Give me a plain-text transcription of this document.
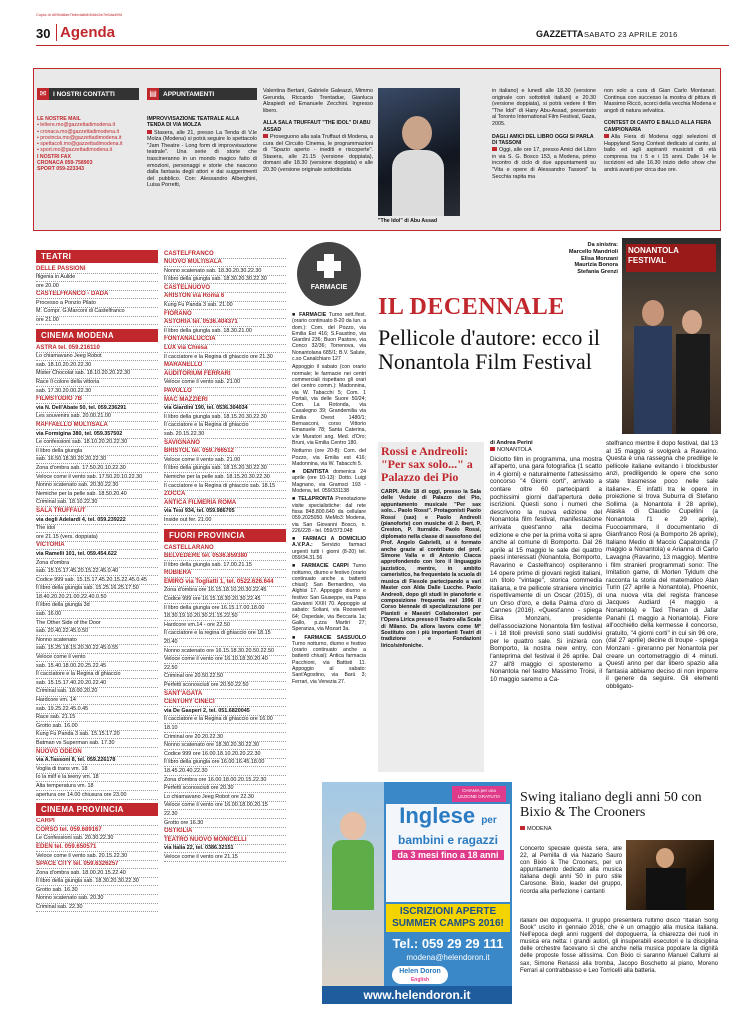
Copia di d09bd8ae7bdeda6db54dd4e7e6da49fd
30 Agenda	GAZZETTA SABATO 23 APRILE 2016
✉	I NOSTRI CONTATTI
LE NOSTRE MAIL
▪ lettere.mo@gazzettadimodena.it
▪ cronaca.mo@gazzettadimodena.it
▪ provincia.mo@gazzettadimodena.it
▪ spettacoli.mo@gazzettadimodena.it
▪ sport.mo@gazzettadimodena.it
I NOSTRI FAX
CRONACA 059-758903
SPORT 059-223343
▤ APPUNTAMENTI
IMPROVVISAZIONE TEATRALE ALLA TENDA DI VIA MOLZA
Stasera, alle 21, presso La Tenda di V.le Molza (Modena) si potrà seguire lo spettacolo "Jam Theatre - Long form di improvvisazione teatrale". Una serie di storie che trascineranno in un mondo magico fatto di emozioni, personaggi e storie che nascono dalla fantasia degli attori e dai suggerimenti del pubblico. Con: Alessandro Alberghini, Luisa Porretti,
Valentina Bertani, Gabriele Galeazzi, Mimmo Gerunda, Riccardo Trentadue, Gianluca Alzapiedi ed Emanuele Zecchini. Ingresso libero.
ALLA SALA TRUFFAUT "THE IDOL" DI ABU ASSAD
Proseguono alla sala Truffaut di Modena, a cura del Circuito Cinema, le programmazioni di "Spazio aperto - inediti e riscoperte". Stasera, alle 21.15 (versione doppiata), domani alle 18.30 (versione doppiata) e alle 20.30 (versione originale sottotitolata
"The Idol" di Abu Assad
in italiano) e lunedì alle 18.30 (versione originale con sottotitoli italiani) e 20.30 (versione doppiata), si potrà vedere il film "The Idol" di Hany Abu-Assad, presentato al Toronto International Film Festival, Gaza, 2005.
DAGLI AMICI DEL LIBRO OGGI SI PARLA DI TASSONI
Oggi, alle ore 17, presso Amici del Libro in via S. G. Bosco 153, a Modena, primo incontro di ciclo di due appuntamenti su "Vita e opere di Alessandro Tassoni" la Secchia rapita ma
non solo a cura di Gian Carlo Montanari. Continua con successo la mostra di pittura di Massimo Riccò, scorci della vecchia Modena e angoli di natura selvatica.
CONTEST DI CANTO E BALLO ALLA FIERA CAMPIONARIA
Alla Fiera di Modena oggi selezioni di Happyland Song Contest dedicato al canto, al ballo ed agli aspiranti musicisti di età compresa tra i 5 e i 15 anni. Dalle 14 le iscrizioni ed alle 16.30 inizio dello show che andrà avanti per circa due ore.
TEATRI
DELLE PASSIONI
Ifigenia in Aulide
ore 20.00
CASTELFRANCO - DADÀ
Processo a Ponzio Pilato
M. Compr. G.Marconi di Castelfranco
ore 21.00
CINEMA MODENA
ASTRA tel. 059.216110
Lo chiamavano Jeeg Robot
sab. 18.10.20.20.22.30
Mister Chocolat sab. 18.10.20.20.22.30
Race Il colore della vittoria
sab. 17.30.20.00.22.30
FILMSTUDIO 7B
via N. Dell'Abate 50, tel. 059.236291
Les souvenirs sab. 20.00.21.00
RAFFAELLO MULTISALA
via Formigina 380, tel. 059.357502
Le confessioni sab. 18.10.20.20.22.30
Il libro della giungla
sab. 16.50.18.30.20.20.22.30
Zona d'ombra sab. 17.50.20.10.22.30
Veloce come il vento sab. 17.50.20.10.22.30
Nonno scatenato sab. 20.30.22.30
Nemiche per la pelle sab. 18.50.20.40
Criminal sab. 18.10.22.30
SALA TRUFFAUT
via degli Adelardi 4, tel. 059.239222
The idol
ore 21.15 (vers. doppiata)
VICTORIA
via Ramelli 101, tel. 059.454.622
Zona d'ombra
sab. 15.15.17.45.20.15.22.45.0.40
Codice 999 sab. 15.15.17.45.20.15.22.45.0.45
Il libro della giungla sab. 15.25.16.25.17.50
18.40.20.20.21.00.22.40.0.50
Il libro della giungla 3d
sab. 16.00
The Other Side of the Door
sab. 20.40.22.45.0.50
Nonno scatenato
sab. 15.25.18.15.20.30.22.45.0.55
Veloce come il vento
sab. 15.40.18.00.20.25.22.45
Il cacciatore e la Regina di ghiaccio
sab. 15.15.17.40.20.20.22.40
Criminal sab. 18.00.20.20
Hardcore vm. 14
sab. 19.25.22.45.0.45
Race sab. 21.15
Grotto sab. 16.00
Kung Fu Panda 3 sab. 15.15.17.20
Batman vs Superman sab. 17.30
NUOVO ODEON
via A.Tassoni 8, tel. 059.226178
Voglia di trans vm. 18
Io la milf e la teeny vm. 18
Alta temperatura vm. 18
apertura ore 14.00 chiusura ore 23.00
CINEMA PROVINCIA
CARPI
CORSO tel. 059.689167
Le Confessioni sab. 20.30.22.30
EDEN tel. 059.650571
Veloce come il vento sab. 20.15.22.30
SPACE CITY tel. 059.6326257
Zona d'ombra sab. 18.00.20.15.22.40
Il libro della giungla sab. 18.30.20.30.22.30
Grotto sab. 16.30
Nonno scatenato sab. 20.30
Criminal sab. 22.30
CASTELFRANCO
NUOVO MULTISALA
Nonno scatenato sab. 18.30.20.30.22.30
Il libro della giungla sab. 18.30.20.30.22.30
CASTELNUOVO
ARISTON via Roma 6
Kung Fu Panda 3 sab. 21.00
FIORANO
ASTORIA tel. 0536.404371
Il libro della giungla sab. 18.30.21.00
FONTANALUCCIA
LUX via Chiesa
Il cacciatore e la Regina di ghiaccio ore 21.30
MARANELLO
AUDITORIUM FERRARI
Veloce come il vento sab. 21.00
PAVULLO
MAC MAZZIERI
via Giardini 190, tel. 0536.304034
Il libro della giungla sab. 18.15.20.30.22.30
Il cacciatore e la Regina di ghiaccio
sab. 20.15.22.30
SAVIGNANO
BRISTOL tel. 059.766512
Veloce come il vento sab. 21.00
Il libro della giungla sab. 18.15.20.30.22.30
Nemiche per la pelle sab. 18.15.20.30.22.30
Il cacciatore e la Regina di ghiaccio sab. 18.15
ZOCCA
ANTICA FILMERIA ROMA
via Tesi 934, tel. 059.986705
Inside out fer. 21.00
FUORI PROVINCIA
CASTELLARANO
BELVEDERE tel. 0536.859380
Il libro della giungla sab. 17.00.21.15
RUBIERA
EMIRO via Togliatti 1, tel. 0522.626.644
Zona d'ombra ore 16.15.18.10.20.30.22.45
Codice 999 ore 16.15.18.30.20.30.22.45
Il libro della giungla ore 16.15.17.00.18.00
18.30.19.10.20.30.21.15.22.50
Hardcore vm.14 - ore 22.50
Il cacciatore e la regina di ghiaccio ore 18.15
20.40
Nonno scatenato ore 16.15.18.30.20.50.22.50
Veloce come il vento ore 16.10.18.30.20.40
22.50
Criminal ore 20.50.22.50
Perfetti sconosciuti ore 20.50.22.50
SANT'AGATA
CENTURY CINECI
via De Gasperi 2, tel. 051.6820045
Il cacciatore e la Regina di ghiaccio ore 16.00
18.10
Criminal ore 20.20.22.30
Nonno scatenato ore 18.30.20.30.22.30
Codice 999 ore 16.00.18.10.20.20.22.30
Il libro della giungla ore 16.00.16.45.18.00
18.45.20.40.22.30
Zona d'ombra ore 16.00.18.00.20.15.22.30
Perfetti sconosciuti ore 20.30
Lo chiamavano Jeeg Robot ore 22.30
Veloce come il vento ore 16.00.18.00.20.15
22.30
Grotto ore 16.30
OSTIGLIA
TEATRO NUOVO MONICELLI
via Italia 22, tel. 0386.32151
Veloce come il vento ore 21.15
FARMACIE
■ FARMACIE Turno sett./fest. (orario continuato 8-20 da lun. a dom.): Com. del Pozzo, via Emilia Est 416; S.Faustino, via Giardini 236; Buon Pastore, via Conco 32/36; Torrenova, via Nonantolana 685/1; B.V. Salute, c.so Canalchiaro 127
Appoggio il sabato (con orario normale; le farmacie nei centri commerciali rispettano gli orari del centro comm.): Madonnina, via W. Tabacchi 5; Com. 1 Portali, via delle Suore 50/24; Com. La Rotonda, via Casalegno 39; Grandemilia via Emilia Ovest 1480/1; Bernasconi, corso Vittorio Emanuele 78; Santa Caterina, v.le Muratori ang. Med. d'Oro; Bruni, via Emilia Centro 180.
Notturno (ore 20-8): Com. del Pozzo, via Emilia est 416; Madonnina, via W. Tabacchi 5.
■ DENTISTA domenica 24 aprile (ore 10-13): Dotto. Luigi Magnano, via Gramsci 193 - Modena, tel. 059/331138
■ TEL&PRONTA Prenotazione visite specialistiche: dal rete fissa 848.800.640 da cellulare 059.2025050. MeMo3: Modena, via San Giovanni Bosco, n. 226/228 - tel. 059/373.048
■ FARMACI A DOMICILIO A.V.P.A.: Servizio farmaci urgenti tutti i giorni (8-20) tel. 059/34.31.56
■ FARMACIE CARPI Turno notturno, diurno e festivo (orario continuato anche a battenti chiusi): San Bernardino, via Alghisi 17. Appoggio diurno e festivo: San Giuseppe, via Papa Giovanni XXIII 70. Appoggio al sabato: Soliani, via Roosevelt 64; Ospedale, via Beccaria 1a; Gallo, p.zza Martiri 27; Speranza, via Mozart 3a.
■ FARMACIE SASSUOLO Turno notturno, diurno e festivo (orario continuato anche a battenti chiusi): Antica farmacia Pacchioni, via Battisti 11. Appoggio al sabato: Sant'Agostino, via Barù 3; Ferrari, via Venezia 27.
Da sinistra:
Marcello Mandrioli
Elisa Monzani
Maurizia Bonora
Stefania Grenzi
NONANTOLA FESTIVAL
IL DECENNALE
Pellicole d'autore: ecco il Nonantola Film Festival
Rossi e Andreoli: "Per sax solo..." a Palazzo dei Pio
CARPI. Alle 18 di oggi, presso la Sala delle Vedute di Palazzo dei Pio, appuntamento musicale "Per sax solo... Paolo Rossi". Protagonisti Paolo Rossi (sax) e Paolo Andreoli (pianoforte) con musiche di J. Ibert, P. Creston, P. Iturralde. Paolo Rossi, diplomato nella classe di sassofono del Prof. Angelo Gabrielli, si è formato anche grazie al contributo del prof. Simone Valla e di Antonio Ciacca approfondendo con loro il linguaggio jazzistico, mentre, in ambito cameristico, ha frequentato la scuola di musica di Fiesole partecipando a vari Master con Alda Dalle Lucche. Paolo Andreoli, dopo gli studi in pianoforte e composizione frequenta nel 1996 il Corso biennale di specializzazione per Pianisti e Maestri Collaboratori per l'Opera Lirica presso il Teatro alla Scala di Milano. Da allora lavora come M° Sostituto con i più importanti Teatri di tradizione e Fondazioni lirico/sinfoniche.
di Andrea Perini
NONANTOLA
Diciotto film in programma, una mostra all'aperto, una gara fotografica (1 scatto in 4 giorni) e naturalmente l'attesissimo concorso "4 Giorni corti", arrivato a contare oltre 60 partecipanti a pochissimi giorni dall'apertura delle iscrizioni. Questi sono i numeri che descrivono la nuova edizione del Nonantola film festival, manifestazione arrivata quest'anno alla decima edizione e che per la prima volta si apre anche al comune di Bomporto. Dal 26 aprile al 15 maggio le sale dei quattro paesi interessati (Nonantola, Bomporto, Ravarino e Castelfranco) ospiteranno 14 opere prime di giovani registi italiani, un titolo "vintage", storica commedia italiana, e tre pellicole straniere vincitrici rispettivamente di un Oscar (2015), di un Orso d'oro, e della Palma d'oro di Cannes (2016). «Quest'anno - spiega Elisa Monzani, presidente dell'associazione Nonantola film festival - i 18 titoli previsti sono stati suddivisi per le quattro sale. Si inizierà con Bomporto, la nostra new entry, con l'anteprima del festival il 26 aprile. Dal 27 all'8 maggio ci sposteremo a Nonantola nel teatro Massimo Troisi, il 10 maggio saremo a Ca-
stelfranco mentre il dopo festival, dal 13 al 15 maggio si svolgerà a Ravarino. Questa è una rassegna che predilige le pellicole italiane evitando i blockbuster anzi, prediligendo le opere che sono state trasmesse poco nelle sale italiane». E infatti tra le opere in proiezione si trova Suburra di Stefano Sollima (a Nonantola il 28 aprile), Alaska di Claudio Cupellini (a Nonantola l'1 e 29 aprile), Fuocoammare, il documentario di Gianfranco Rosi (a Bomporto 26 aprile), Italiano Medio di Maccio Capatonda (7 maggio a Nonantola) e Arianna di Carlo Lavagna (Ravarino, 13 maggio). Mentre i film stranieri programmati sono: The Imitation game, di Morten Tyldum che racconta la storia del matematico Alan Turin (27 aprile a Nonantola), Phoenix, una nuova vita del regista francese Jacques Audiard (4 maggio a Nonantola) e Taxi Theran di Jafar Panahi (1 maggio a Nonantola). Fiore all'occhiello della kermesse il concorso, gratuito, "4 giorni corti" in cui sin 96 ore, (dal 27 aprile) decine di troupe - spiega Monzani - gireranno per Nonantola per creare un cortometraggio di 4 minuti. Questi anno per dar libero spazio alla fantasia abbiamo deciso di non imporre il genere da seguire. Gli elementi obbligato-
CHIAMA per una LEZIONE GRATUITA
Inglese per
bambini e ragazzi
da 3 mesi fino a 18 anni
ISCRIZIONI APERTE
SUMMER CAMPS 2016!
Tel.: 059 29 29 111
modena@helendoron.it
Helen Doron
English
www.helendoron.it
Swing italiano degli anni 50 con Bixio & The Crooners
MODENA
Concerto speciale questa sera, alle 22, al Pemilla di via Nazario Sauro con Bixio & The Crooners, per un appuntamento dedicato alla musica italiana degli anni '50 in puro stile Carosone. Bixio, leader del gruppo, ricorda alla perfezione i cantanti
italiani del dopoguerra. Il gruppo presenterà l'ultimo disco "Italian Song Book" uscito in gennaio 2016, che è un omaggio alla musica italiana. Nell'epoca degli anni ruggenti del dopoguerra, la chiarezza dei ruoli in musica era netta: i grandi autori, gli insuperabili esecutori e la disciplina delle orchestre facevano sì che anche nella musica popolare la dignità delle proposte fosse altissima. Con Bixio ci saranno Manuel Callumi al sax, Simone Renassi alla tromba, Jacopo Boschetto al piano, Moreno Ferrari al contrabbasso e Leo Torricelli alla batteria.
